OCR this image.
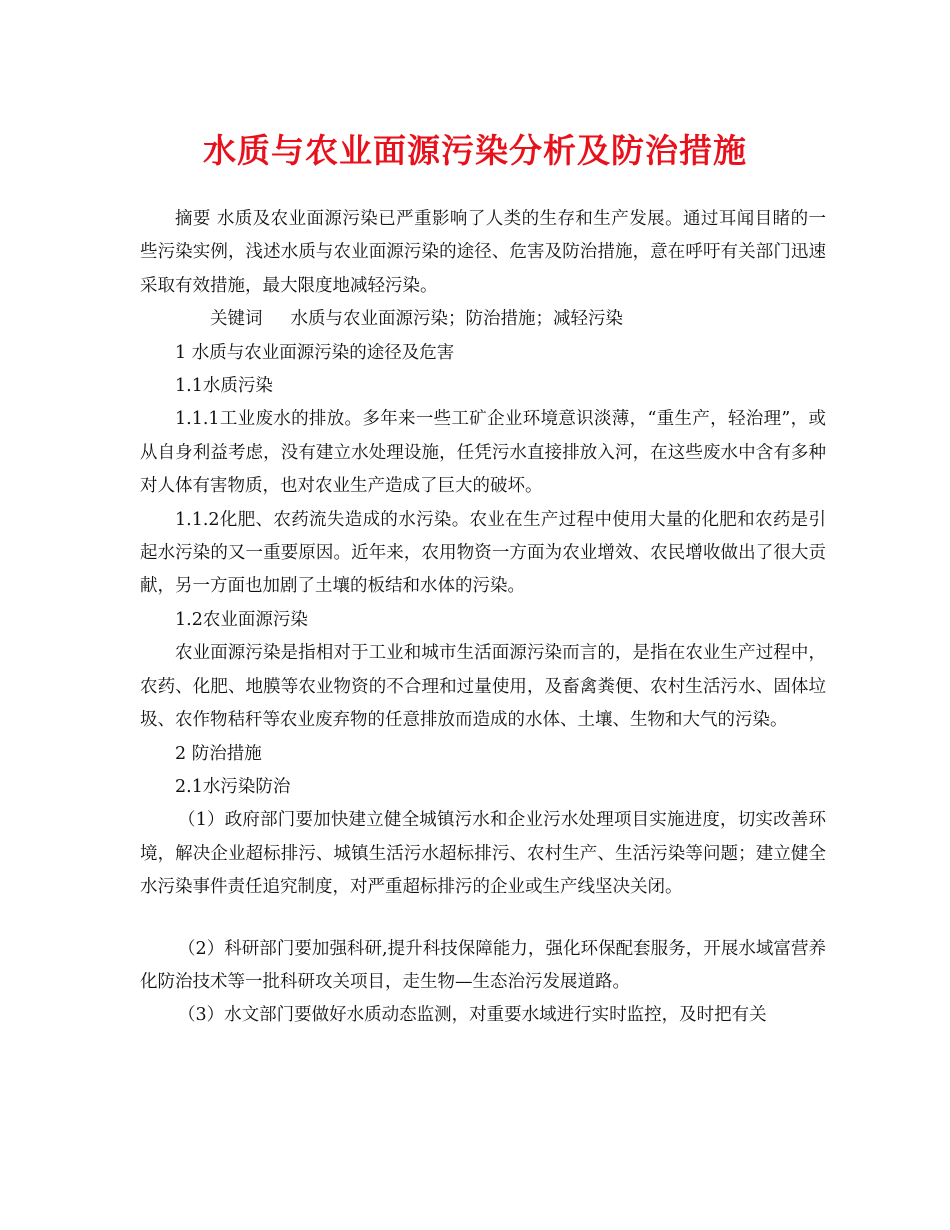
水质与农业面源污染分析及防治措施

摘要 水质及农业面源污染已严重影响了人类的生存和生产发展。通过耳闻目睹的一些污染实例，浅述水质与农业面源污染的途径、危害及防治措施，意在呼吁有关部门迅速采取有效措施，最大限度地减轻污染。

关键词 水质与农业面源污染；防治措施；减轻污染

1 水质与农业面源污染的途径及危害

1.1水质污染

1.1.1工业废水的排放。多年来一些工矿企业环境意识淡薄，“重生产，轻治理”，或从自身利益考虑，没有建立水处理设施，任凭污水直接排放入河，在这些废水中含有多种对人体有害物质，也对农业生产造成了巨大的破坏。

1.1.2化肥、农药流失造成的水污染。农业在生产过程中使用大量的化肥和农药是引起水污染的又一重要原因。近年来，农用物资一方面为农业增效、农民增收做出了很大贡献，另一方面也加剧了土壤的板结和水体的污染。

1.2农业面源污染

农业面源污染是指相对于工业和城市生活面源污染而言的，是指在农业生产过程中，农药、化肥、地膜等农业物资的不合理和过量使用，及畜禽粪便、农村生活污水、固体垃圾、农作物秸秆等农业废弃物的任意排放而造成的水体、土壤、生物和大气的污染。

2 防治措施

2.1水污染防治

（1）政府部门要加快建立健全城镇污水和企业污水处理项目实施进度，切实改善环境，解决企业超标排污、城镇生活污水超标排污、农村生产、生活污染等问题；建立健全水污染事件责任追究制度，对严重超标排污的企业或生产线坚决关闭。

（2）科研部门要加强科研,提升科技保障能力，强化环保配套服务，开展水域富营养化防治技术等一批科研攻关项目，走生物—生态治污发展道路。

（3）水文部门要做好水质动态监测，对重要水域进行实时监控，及时把有关
